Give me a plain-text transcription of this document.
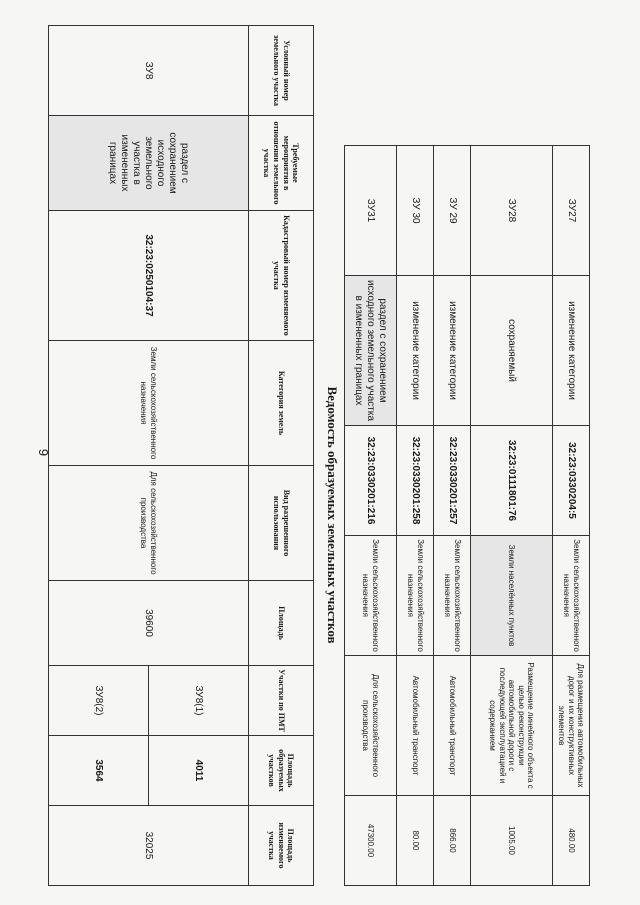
9
ЗУ27	изменение категории	32:23:0330204:5	Земли сельскохозяйственного назначения	Для размещения автомобильных дорог и их конструктивных элементов	480.00
ЗУ28	сохраняемый	32:23:0111801:76	Земли населённых пунктов	Размещение линейного объекта с целью реконструкции автомобильной дороги с последующей эксплуатацией и содержанием	1005.00
ЗУ 29	изменение категории	32:23:0330201:257	Земли сельскохозяйственного назначения	Автомобильный транспорт	866.00
ЗУ 30	изменение категории	32:23:0330201:258	Земли сельскохозяйственного назначения	Автомобильный транспорт	80.00
ЗУ31	раздел с сохранением исходного земельного участка в измененных границах	32:23:0330201:216	Земли сельскохозяйственного назначения	Для сельскохозяйственного производства	47300.00
Ведомость образуемых земельных участков
Условный номер земельного участка	Требуемые мероприятия в отношении земельного участка	Кадастровый номер изменяемого участка	Категория земель	Вид разрешенного использования	Площадь	Участки по ПМТ	Площадь образуемых участков	Площадь изменяемого участка
ЗУ8	раздел с сохранением исходного земельного участка в измененных границах	32:23:0250104:37	Земли сельскохозяйственного назначения	Для сельскохозяйственного производства	39600	ЗУ8(1)	4011	32025
						ЗУ8(2)	3564	
